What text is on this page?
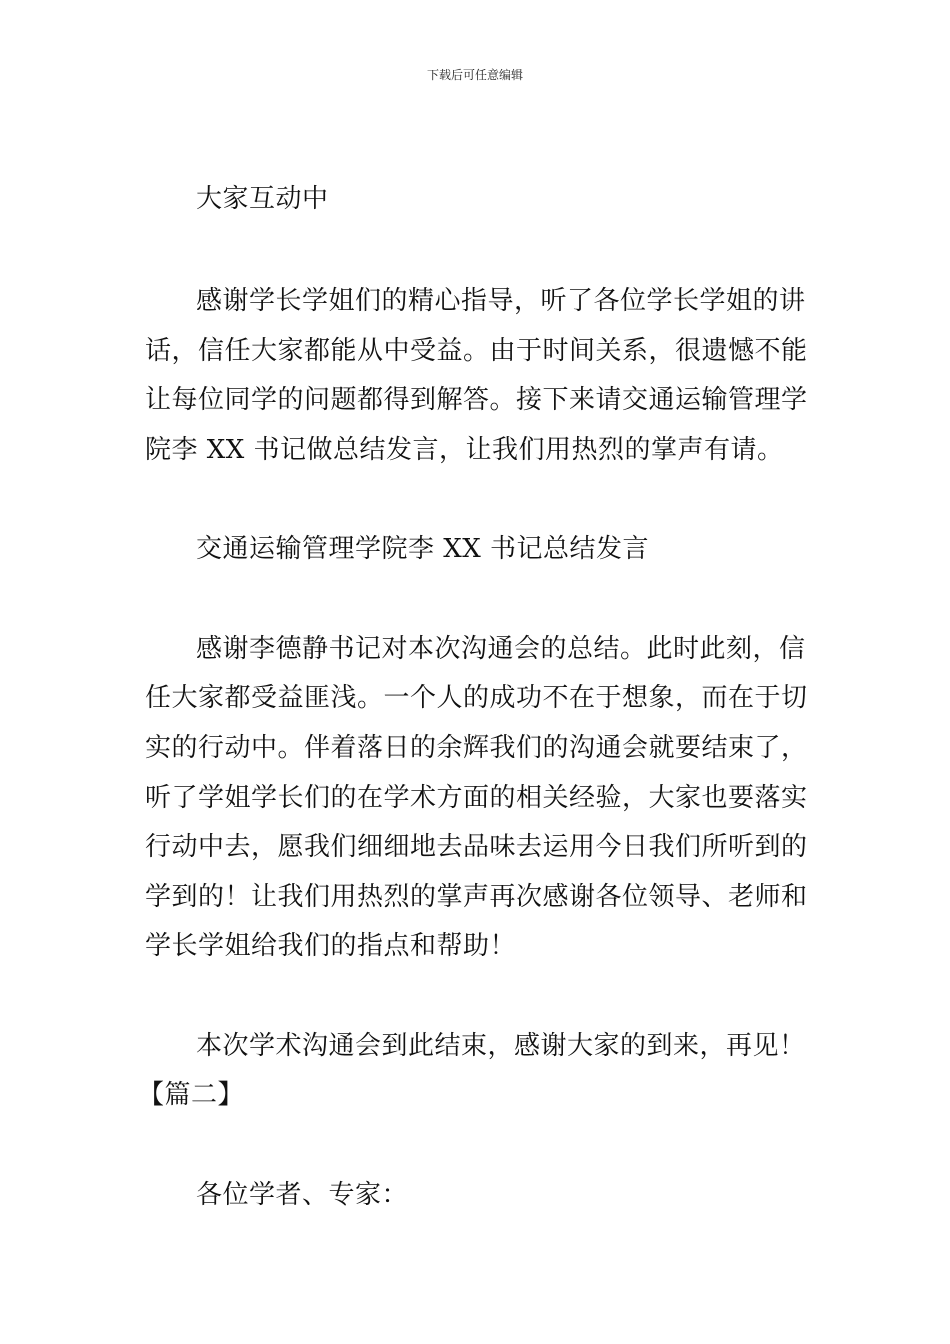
下载后可任意编辑
大家互动中
感谢学长学姐们的精心指导，听了各位学长学姐的讲
话，信任大家都能从中受益。由于时间关系，很遗憾不能
让每位同学的问题都得到解答。接下来请交通运输管理学
院李 XX 书记做总结发言，让我们用热烈的掌声有请。
交通运输管理学院李 XX 书记总结发言
感谢李德静书记对本次沟通会的总结。此时此刻，信
任大家都受益匪浅。一个人的成功不在于想象，而在于切
实的行动中。伴着落日的余辉我们的沟通会就要结束了，
听了学姐学长们的在学术方面的相关经验，大家也要落实
行动中去，愿我们细细地去品味去运用今日我们所听到的
学到的！让我们用热烈的掌声再次感谢各位领导、老师和
学长学姐给我们的指点和帮助！
本次学术沟通会到此结束，感谢大家的到来，再见！
【篇二】
各位学者、专家：
